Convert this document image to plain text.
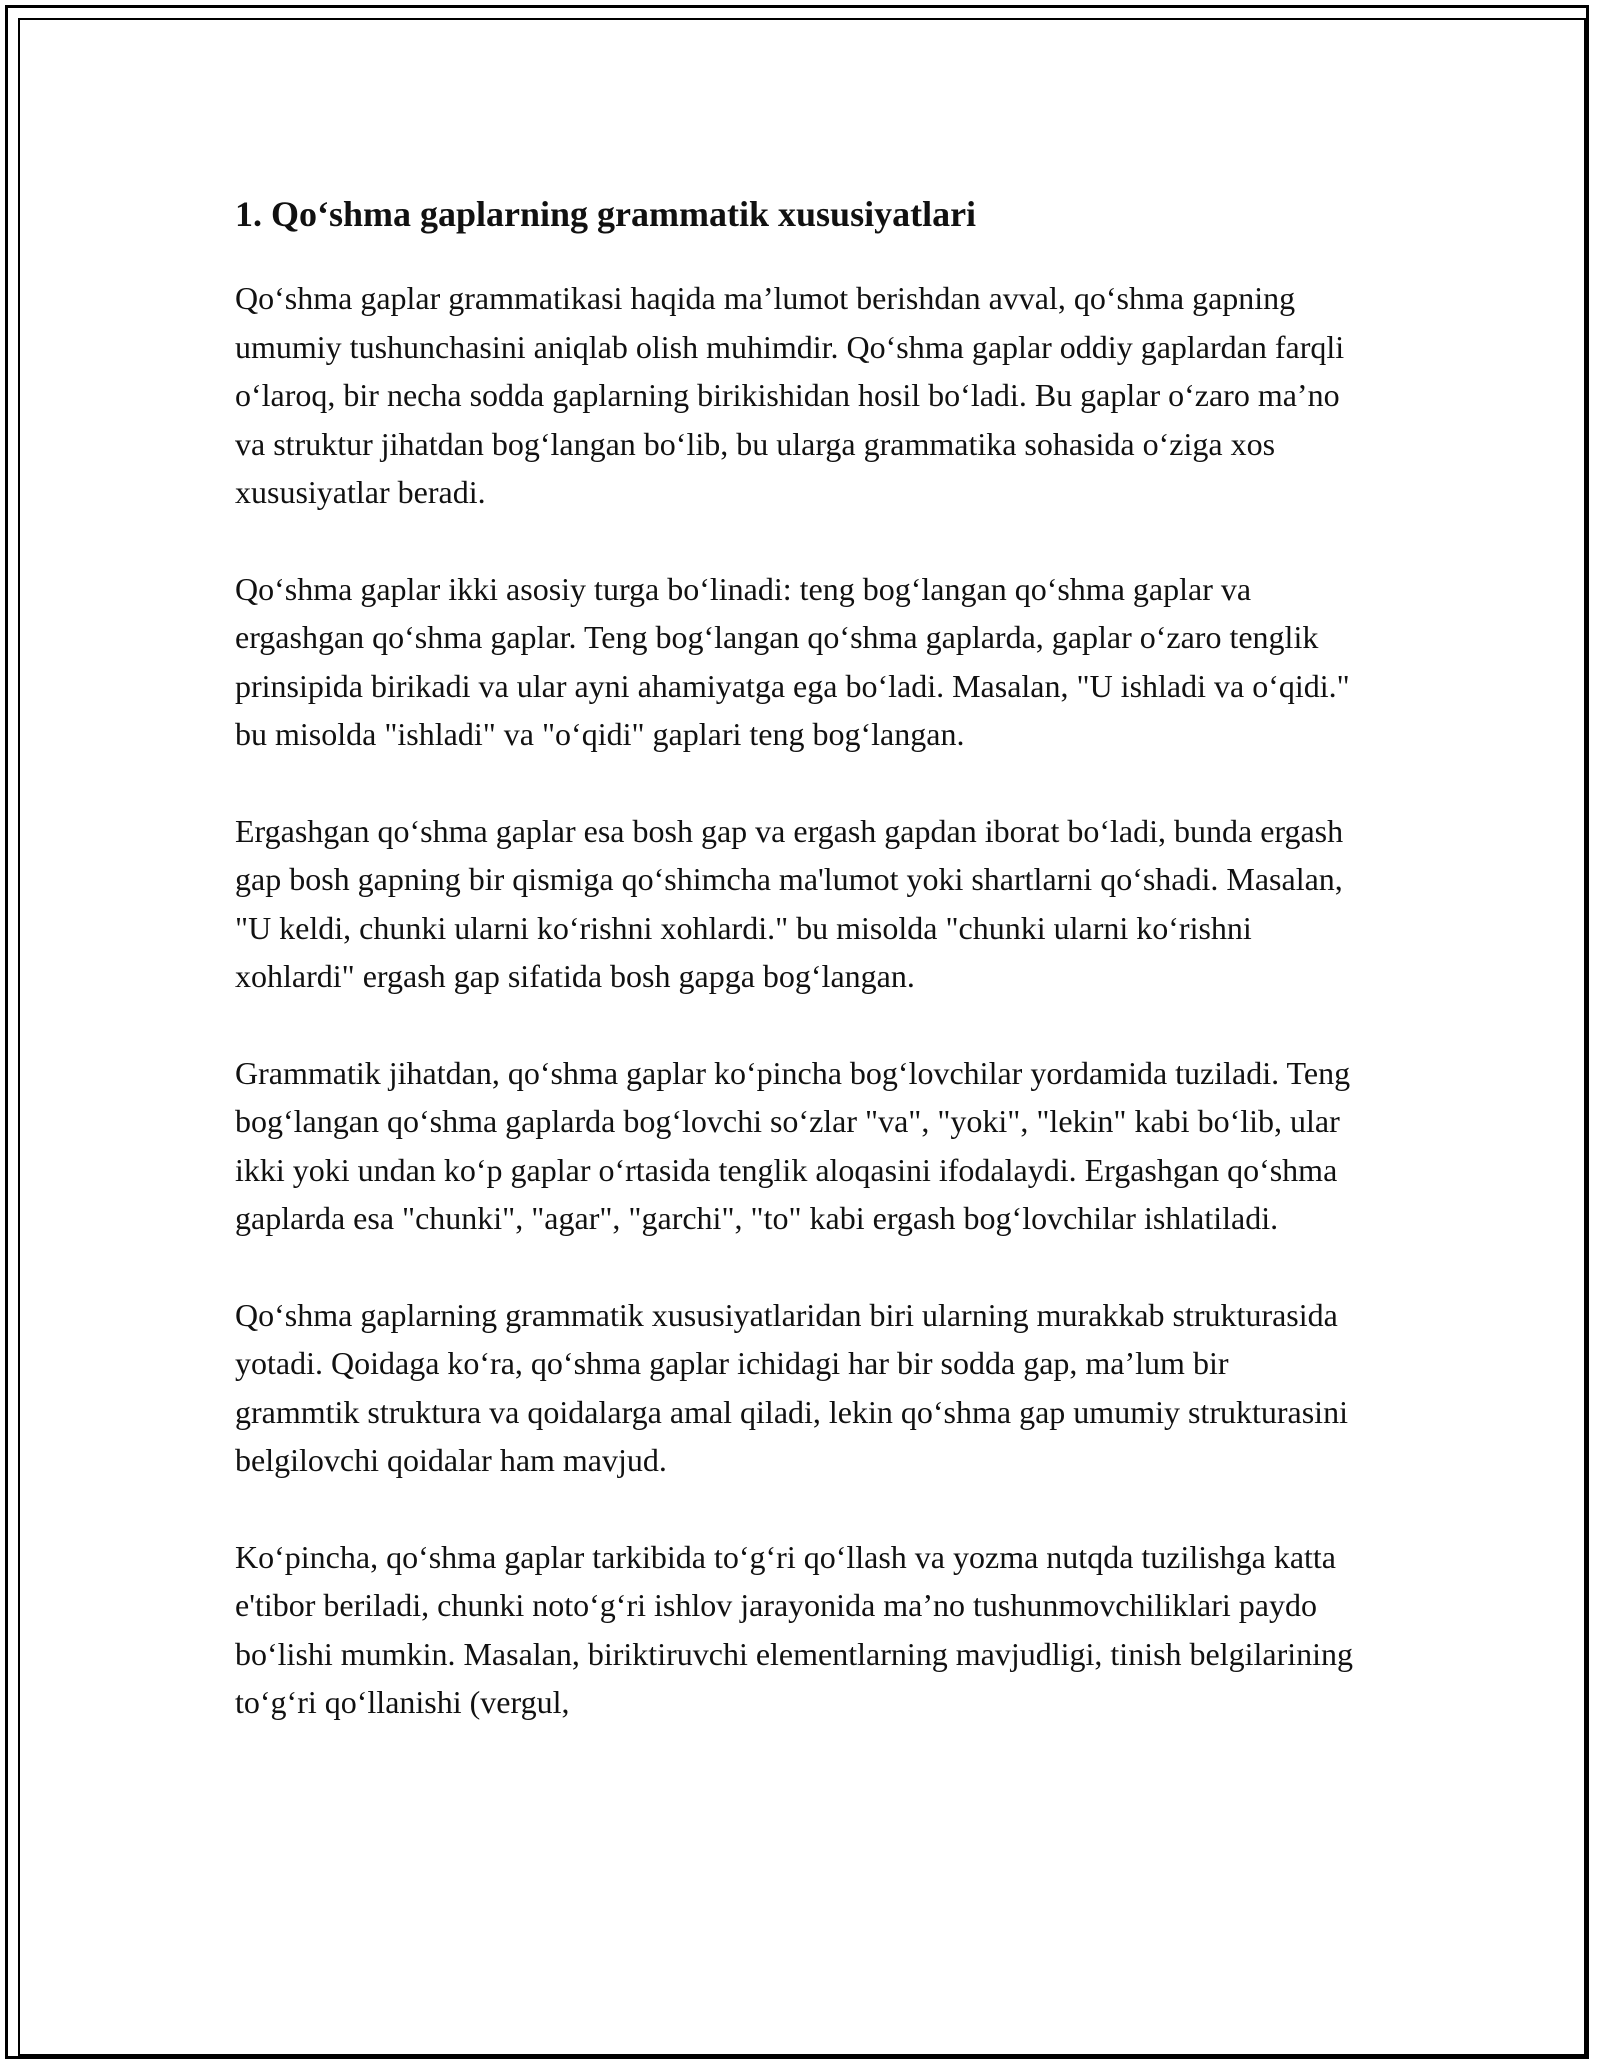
1. Qo‘shma gaplarning grammatik xususiyatlari

Qo‘shma gaplar grammatikasi haqida ma’lumot berishdan avval, qo‘shma gapning umumiy tushunchasini aniqlab olish muhimdir. Qo‘shma gaplar oddiy gaplardan farqli o‘laroq, bir necha sodda gaplarning birikishidan hosil bo‘ladi. Bu gaplar o‘zaro ma’no va struktur jihatdan bog‘langan bo‘lib, bu ularga grammatika sohasida o‘ziga xos xususiyatlar beradi.

Qo‘shma gaplar ikki asosiy turga bo‘linadi: teng bog‘langan qo‘shma gaplar va ergashgan qo‘shma gaplar. Teng bog‘langan qo‘shma gaplarda, gaplar o‘zaro tenglik prinsipida birikadi va ular ayni ahamiyatga ega bo‘ladi. Masalan, "U ishladi va o‘qidi." bu misolda "ishladi" va "o‘qidi" gaplari teng bog‘langan.

Ergashgan qo‘shma gaplar esa bosh gap va ergash gapdan iborat bo‘ladi, bunda ergash gap bosh gapning bir qismiga qo‘shimcha ma'lumot yoki shartlarni qo‘shadi. Masalan, "U keldi, chunki ularni ko‘rishni xohlardi." bu misolda "chunki ularni ko‘rishni xohlardi" ergash gap sifatida bosh gapga bog‘langan.

Grammatik jihatdan, qo‘shma gaplar ko‘pincha bog‘lovchilar yordamida tuziladi. Teng bog‘langan qo‘shma gaplarda bog‘lovchi so‘zlar "va", "yoki", "lekin" kabi bo‘lib, ular ikki yoki undan ko‘p gaplar o‘rtasida tenglik aloqasini ifodalaydi. Ergashgan qo‘shma gaplarda esa "chunki", "agar", "garchi", "to" kabi ergash bog‘lovchilar ishlatiladi.

Qo‘shma gaplarning grammatik xususiyatlaridan biri ularning murakkab strukturasida yotadi. Qoidaga ko‘ra, qo‘shma gaplar ichidagi har bir sodda gap, ma’lum bir grammtik struktura va qoidalarga amal qiladi, lekin qo‘shma gap umumiy strukturasini belgilovchi qoidalar ham mavjud.

Ko‘pincha, qo‘shma gaplar tarkibida to‘g‘ri qo‘llash va yozma nutqda tuzilishga katta e'tibor beriladi, chunki noto‘g‘ri ishlov jarayonida ma’no tushunmovchiliklari paydo bo‘lishi mumkin. Masalan, biriktiruvchi elementlarning mavjudligi, tinish belgilarining to‘g‘ri qo‘llanishi (vergul,
